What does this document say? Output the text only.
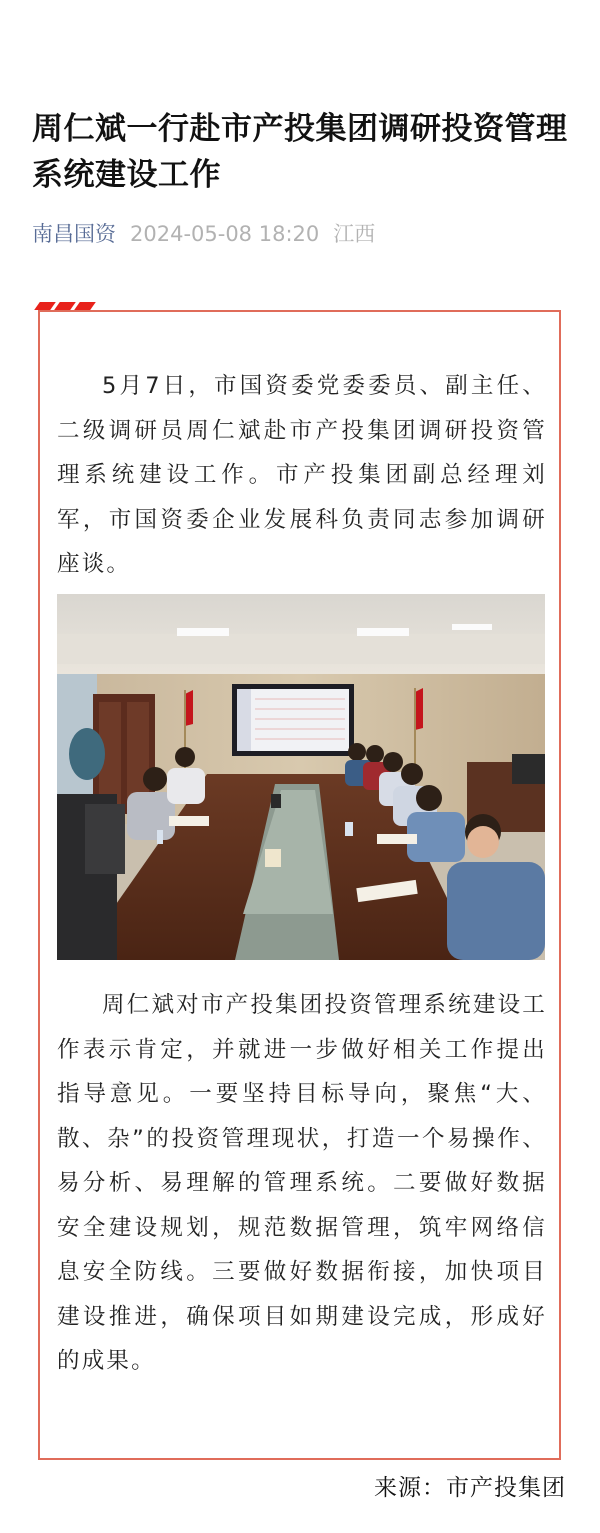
周仁斌一行赴市产投集团调研投资管理系统建设工作
南昌国资 2024-05-08 18:20 江西

5月7日，市国资委党委委员、副主任、二级调研员周仁斌赴市产投集团调研投资管理系统建设工作。市产投集团副总经理刘军，市国资委企业发展科负责同志参加调研座谈。

周仁斌对市产投集团投资管理系统建设工作表示肯定，并就进一步做好相关工作提出指导意见。一要坚持目标导向，聚焦“大、散、杂”的投资管理现状，打造一个易操作、易分析、易理解的管理系统。二要做好数据安全建设规划，规范数据管理，筑牢网络信息安全防线。三要做好数据衔接，加快项目建设推进，确保项目如期建设完成，形成好的成果。

来源：市产投集团
